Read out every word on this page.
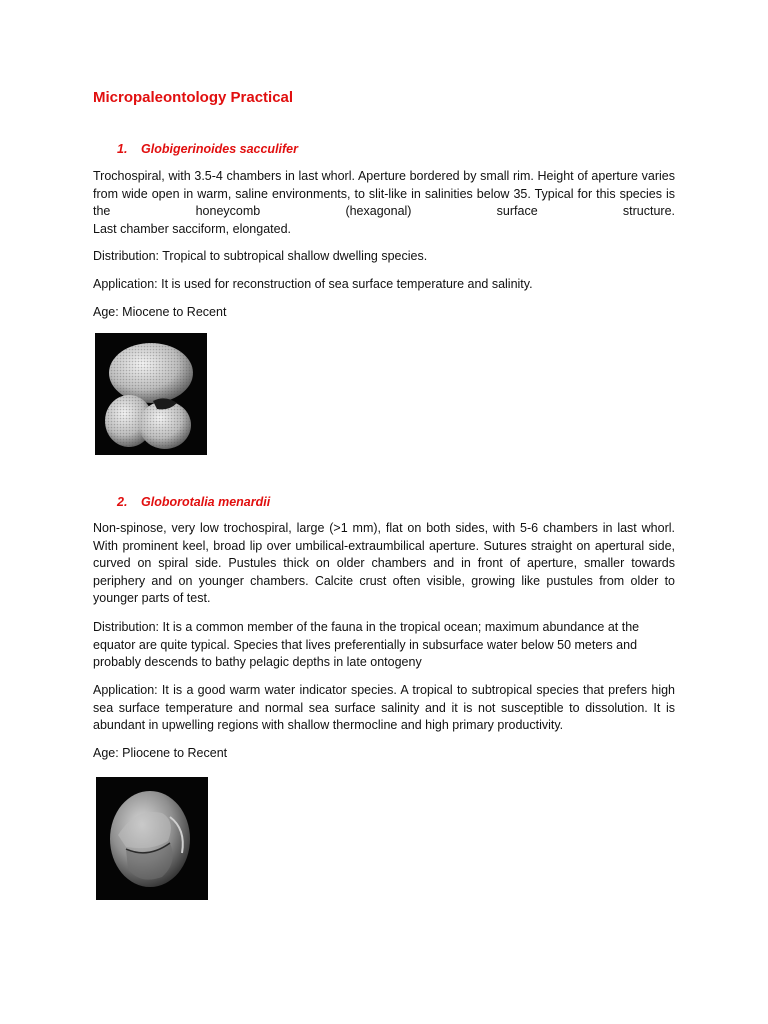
Micropaleontology Practical
1. Globigerinoides sacculifer
Trochospiral, with 3.5-4 chambers in last whorl. Aperture bordered by small rim. Height of aperture varies from wide open in warm, saline environments, to slit-like in salinities below 35. Typical for this species is the honeycomb (hexagonal) surface structure.
Last chamber sacciform, elongated.

Distribution: Tropical to subtropical shallow dwelling species.

Application: It is used for reconstruction of sea surface temperature and salinity.

Age: Miocene to Recent

2. Globorotalia menardii

Non-spinose, very low trochospiral, large (>1 mm), flat on both sides, with 5-6 chambers in last whorl. With prominent keel, broad lip over umbilical-extraumbilical aperture. Sutures straight on apertural side, curved on spiral side. Pustules thick on older chambers and in front of aperture, smaller towards periphery and on younger chambers. Calcite crust often visible, growing like pustules from older to younger parts of test.

Distribution: It is a common member of the fauna in the tropical ocean; maximum abundance at the equator are quite typical. Species that lives preferentially in subsurface water below 50 meters and probably descends to bathy pelagic depths in late ontogeny

Application: It is a good warm water indicator species. A tropical to subtropical species that prefers high sea surface temperature and normal sea surface salinity and it is not susceptible to dissolution. It is abundant in upwelling regions with shallow thermocline and high primary productivity.

Age: Pliocene to Recent
